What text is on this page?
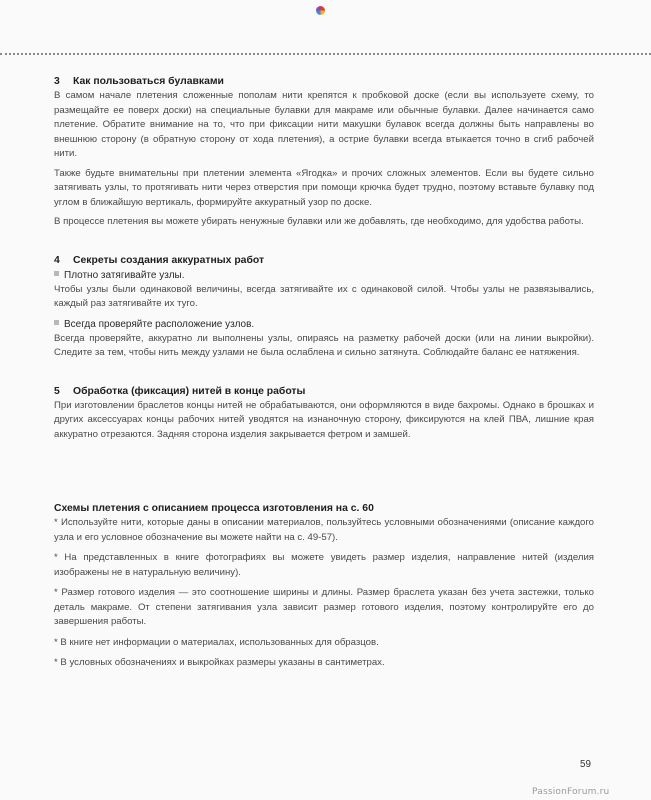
3 Как пользоваться булавками

В самом начале плетения сложенные пополам нити крепятся к пробковой доске (если вы используете схему, то размещайте ее поверх доски) на специальные булавки для макраме или обычные булавки. Далее начинается само плетение. Обратите внимание на то, что при фиксации нити макушки булавок всегда должны быть направлены во внешнюю сторону (в обратную сторону от хода плетения), а острие булавки всегда втыкается точно в сгиб рабочей нити.

Также будьте внимательны при плетении элемента «Ягодка» и прочих сложных элементов. Если вы будете сильно затягивать узлы, то протягивать нити через отверстия при помощи крючка будет трудно, поэтому вставьте булавку под углом в ближайшую вертикаль, формируйте аккуратный узор по доске.

В процессе плетения вы можете убирать ненужные булавки или же добавлять, где необходимо, для удобства работы.

4 Секреты создания аккуратных работ

Плотно затягивайте узлы.

Чтобы узлы были одинаковой величины, всегда затягивайте их с одинаковой силой. Чтобы узлы не развязывались, каждый раз затягивайте их туго.

Всегда проверяйте расположение узлов.

Всегда проверяйте, аккуратно ли выполнены узлы, опираясь на разметку рабочей доски (или на линии выкройки). Следите за тем, чтобы нить между узлами не была ослаблена и сильно затянута. Соблюдайте баланс ее натяжения.

5 Обработка (фиксация) нитей в конце работы

При изготовлении браслетов концы нитей не обрабатываются, они оформляются в виде бахромы. Однако в брошках и других аксессуарах концы рабочих нитей уводятся на изнаночную сторону, фиксируются на клей ПВА, лишние края аккуратно отрезаются. Задняя сторона изделия закрывается фетром и замшей.

Схемы плетения с описанием процесса изготовления на с. 60

* Используйте нити, которые даны в описании материалов, пользуйтесь условными обозначениями (описание каждого узла и его условное обозначение вы можете найти на с. 49-57).

* На представленных в книге фотографиях вы можете увидеть размер изделия, направление нитей (изделия изображены не в натуральную величину).

* Размер готового изделия — это соотношение ширины и длины. Размер браслета указан без учета застежки, только деталь макраме. От степени затягивания узла зависит размер готового изделия, поэтому контролируйте его до завершения работы.

* В книге нет информации о материалах, использованных для образцов.

* В условных обозначениях и выкройках размеры указаны в сантиметрах.

59
PassionForum.ru
